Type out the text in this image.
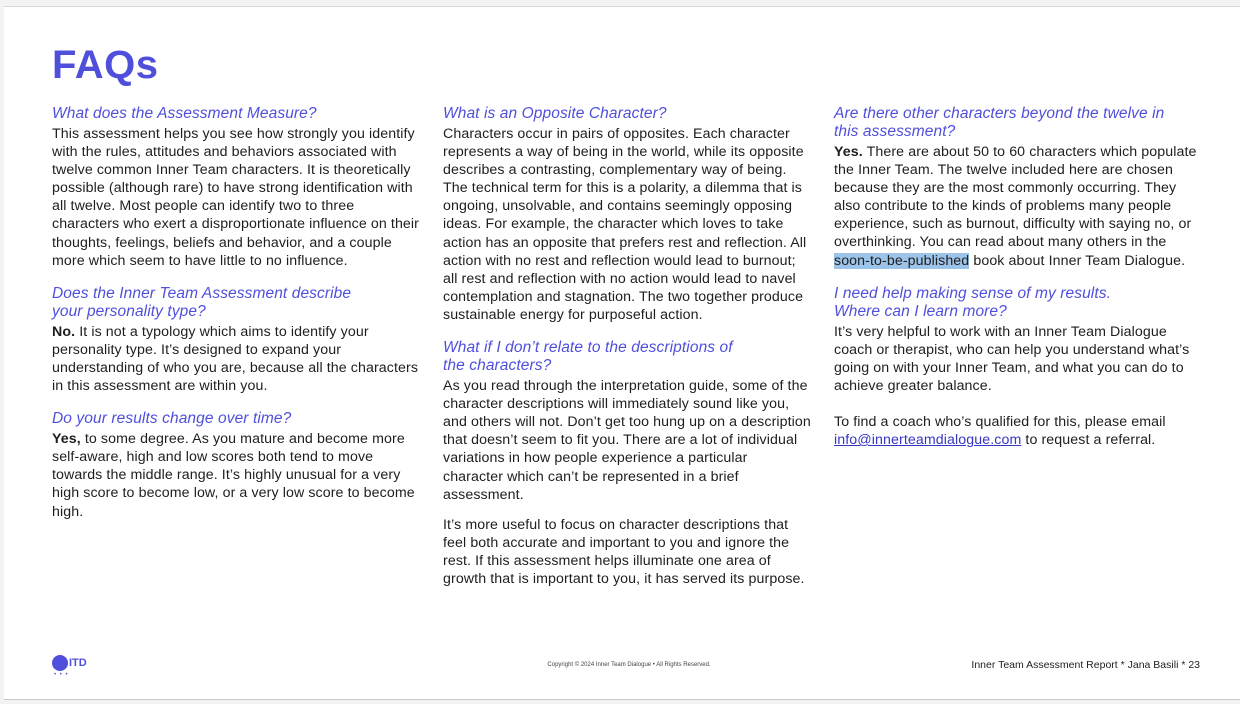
FAQs
What does the Assessment Measure?

This assessment helps you see how strongly you identify with the rules, attitudes and behaviors associated with twelve common Inner Team characters. It is theoretically possible (although rare) to have strong identification with all twelve. Most people can identify two to three characters who exert a disproportionate influence on their thoughts, feelings, beliefs and behavior, and a couple more which seem to have little to no influence.

Does the Inner Team Assessment describe
your personality type?

No. It is not a typology which aims to identify your personality type. It’s designed to expand your understanding of who you are, because all the characters in this assessment are within you.

Do your results change over time?

Yes, to some degree. As you mature and become more self-aware, high and low scores both tend to move towards the middle range. It’s highly unusual for a very high score to become low, or a very low score to become high.

What is an Opposite Character?

Characters occur in pairs of opposites. Each character represents a way of being in the world, while its opposite describes a contrasting, complementary way of being. The technical term for this is a polarity, a dilemma that is ongoing, unsolvable, and contains seemingly opposing ideas. For example, the character which loves to take action has an opposite that prefers rest and reflection. All action with no rest and reflection would lead to burnout; all rest and reflection with no action would lead to navel contemplation and stagnation. The two together produce sustainable energy for purposeful action.

What if I don’t relate to the descriptions of
the characters?

As you read through the interpretation guide, some of the character descriptions will immediately sound like you, and others will not. Don’t get too hung up on a description that doesn’t seem to fit you. There are a lot of individual variations in how people experience a particular character which can’t be represented in a brief assessment.

It’s more useful to focus on character descriptions that feel both accurate and important to you and ignore the rest. If this assessment helps illuminate one area of growth that is important to you, it has served its purpose.

Are there other characters beyond the twelve in
this assessment?

Yes. There are about 50 to 60 characters which populate the Inner Team. The twelve included here are chosen because they are the most commonly occurring. They also contribute to the kinds of problems many people experience, such as burnout, difficulty with saying no, or overthinking. You can read about many others in the soon-to-be-published book about Inner Team Dialogue.

I need help making sense of my results.
Where can I learn more?

It’s very helpful to work with an Inner Team Dialogue coach or therapist, who can help you understand what’s going on with your Inner Team, and what you can do to achieve greater balance.

To find a coach who’s qualified for this, please email info@innerteamdialogue.com to request a referral.

• • •
ITD	Copyright © 2024 Inner Team Dialogue • All Rights Reserved.	Inner Team Assessment Report * Jana Basili * 23
